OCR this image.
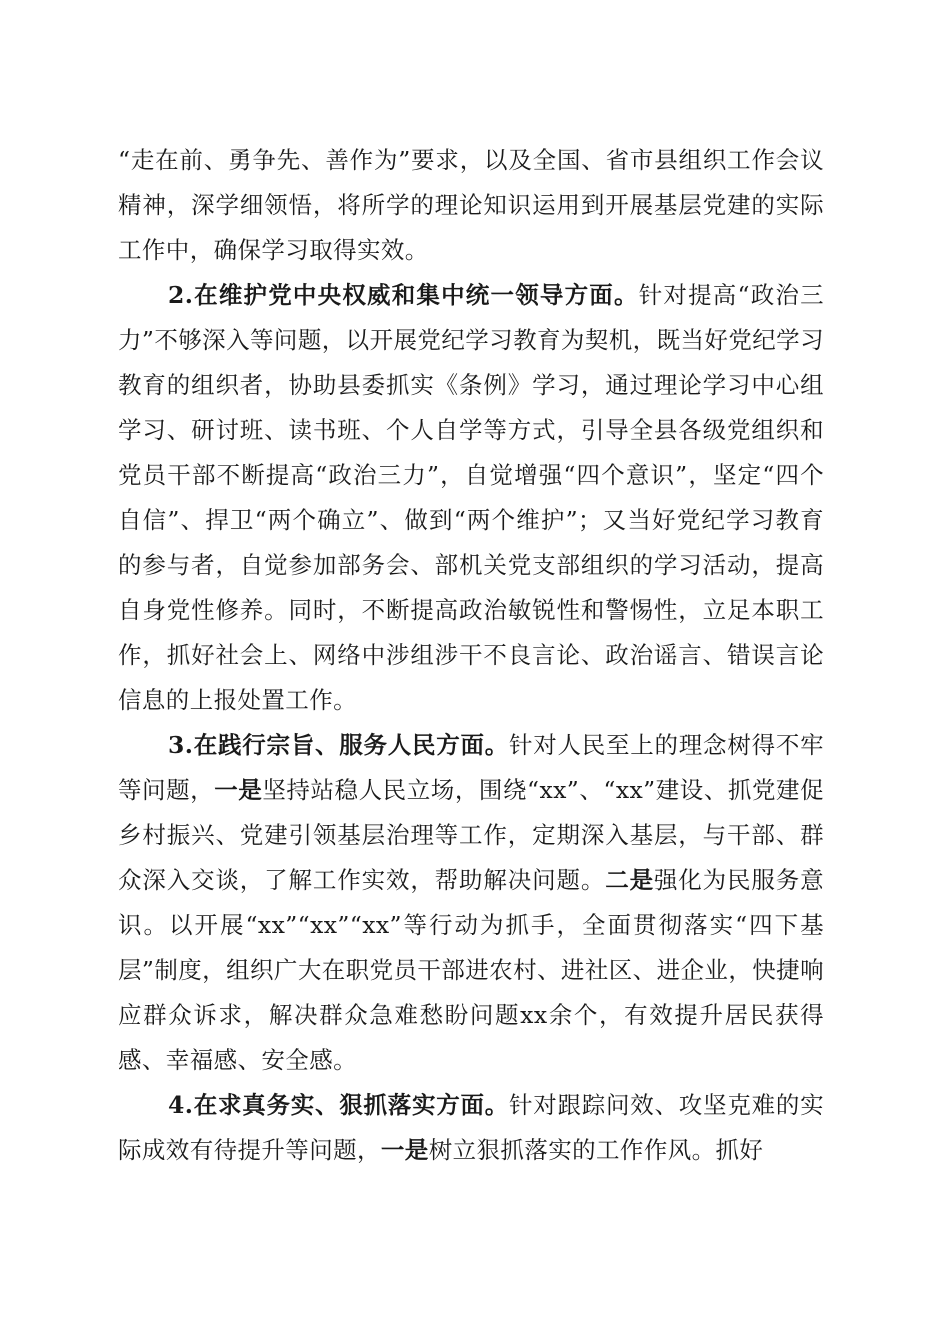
“走在前、勇争先、善作为”要求，以及全国、省市县组织工作会议精神，深学细领悟，将所学的理论知识运用到开展基层党建的实际工作中，确保学习取得实效。

2.在维护党中央权威和集中统一领导方面。针对提高“政治三力”不够深入等问题，以开展党纪学习教育为契机，既当好党纪学习教育的组织者，协助县委抓实《条例》学习，通过理论学习中心组学习、研讨班、读书班、个人自学等方式，引导全县各级党组织和党员干部不断提高“政治三力”，自觉增强“四个意识”，坚定“四个自信”、捍卫“两个确立”、做到“两个维护”；又当好党纪学习教育的参与者，自觉参加部务会、部机关党支部组织的学习活动，提高自身党性修养。同时，不断提高政治敏锐性和警惕性，立足本职工作，抓好社会上、网络中涉组涉干不良言论、政治谣言、错误言论信息的上报处置工作。

3.在践行宗旨、服务人民方面。针对人民至上的理念树得不牢等问题，一是坚持站稳人民立场，围绕“xx”、“xx”建设、抓党建促乡村振兴、党建引领基层治理等工作，定期深入基层，与干部、群众深入交谈，了解工作实效，帮助解决问题。二是强化为民服务意识。以开展“xx”“xx”“xx”等行动为抓手，全面贯彻落实“四下基层”制度，组织广大在职党员干部进农村、进社区、进企业，快捷响应群众诉求，解决群众急难愁盼问题xx余个，有效提升居民获得感、幸福感、安全感。

4.在求真务实、狠抓落实方面。针对跟踪问效、攻坚克难的实际成效有待提升等问题，一是树立狠抓落实的工作作风。抓好
